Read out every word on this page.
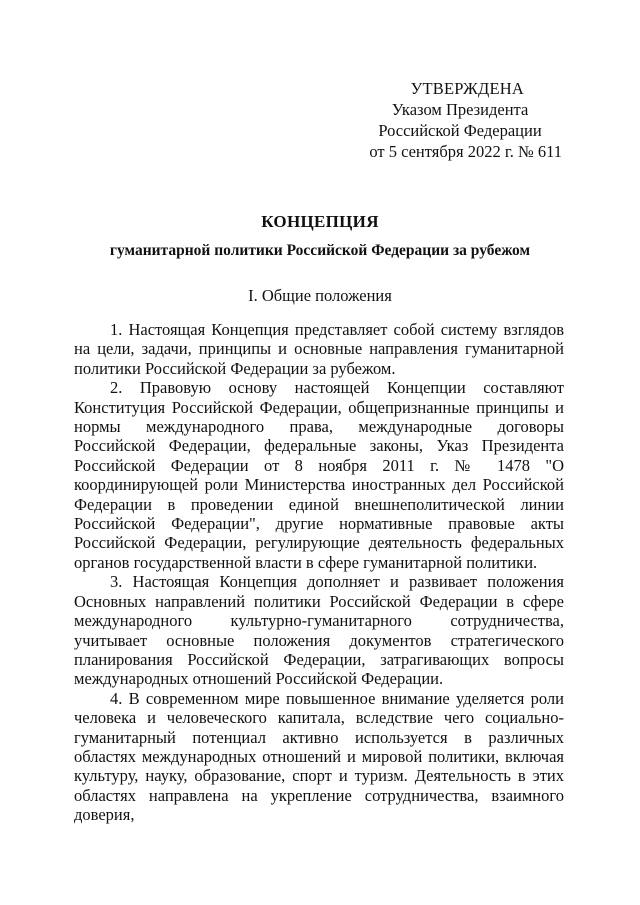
УТВЕРЖДЕНА
Указом Президента
Российской Федерации
от 5 сентября 2022 г. № 611
КОНЦЕПЦИЯ
гуманитарной политики Российской Федерации за рубежом
I. Общие положения

1. Настоящая Концепция представляет собой систему взглядов на цели, задачи, принципы и основные направления гуманитарной политики Российской Федерации за рубежом.

2. Правовую основу настоящей Концепции составляют Конституция Российской Федерации, общепризнанные принципы и нормы международного права, международные договоры Российской Федерации, федеральные законы, Указ Президента Российской Федерации от 8 ноября 2011 г. № 1478 "О координирующей роли Министерства иностранных дел Российской Федерации в проведении единой внешнеполитической линии Российской Федерации", другие нормативные правовые акты Российской Федерации, регулирующие деятельность федеральных органов государственной власти в сфере гуманитарной политики.

3. Настоящая Концепция дополняет и развивает положения Основных направлений политики Российской Федерации в сфере международного культурно-гуманитарного сотрудничества, учитывает основные положения документов стратегического планирования Российской Федерации, затрагивающих вопросы международных отношений Российской Федерации.

4. В современном мире повышенное внимание уделяется роли человека и человеческого капитала, вследствие чего социально-гуманитарный потенциал активно используется в различных областях международных отношений и мировой политики, включая культуру, науку, образование, спорт и туризм. Деятельность в этих областях направлена на укрепление сотрудничества, взаимного доверия,
